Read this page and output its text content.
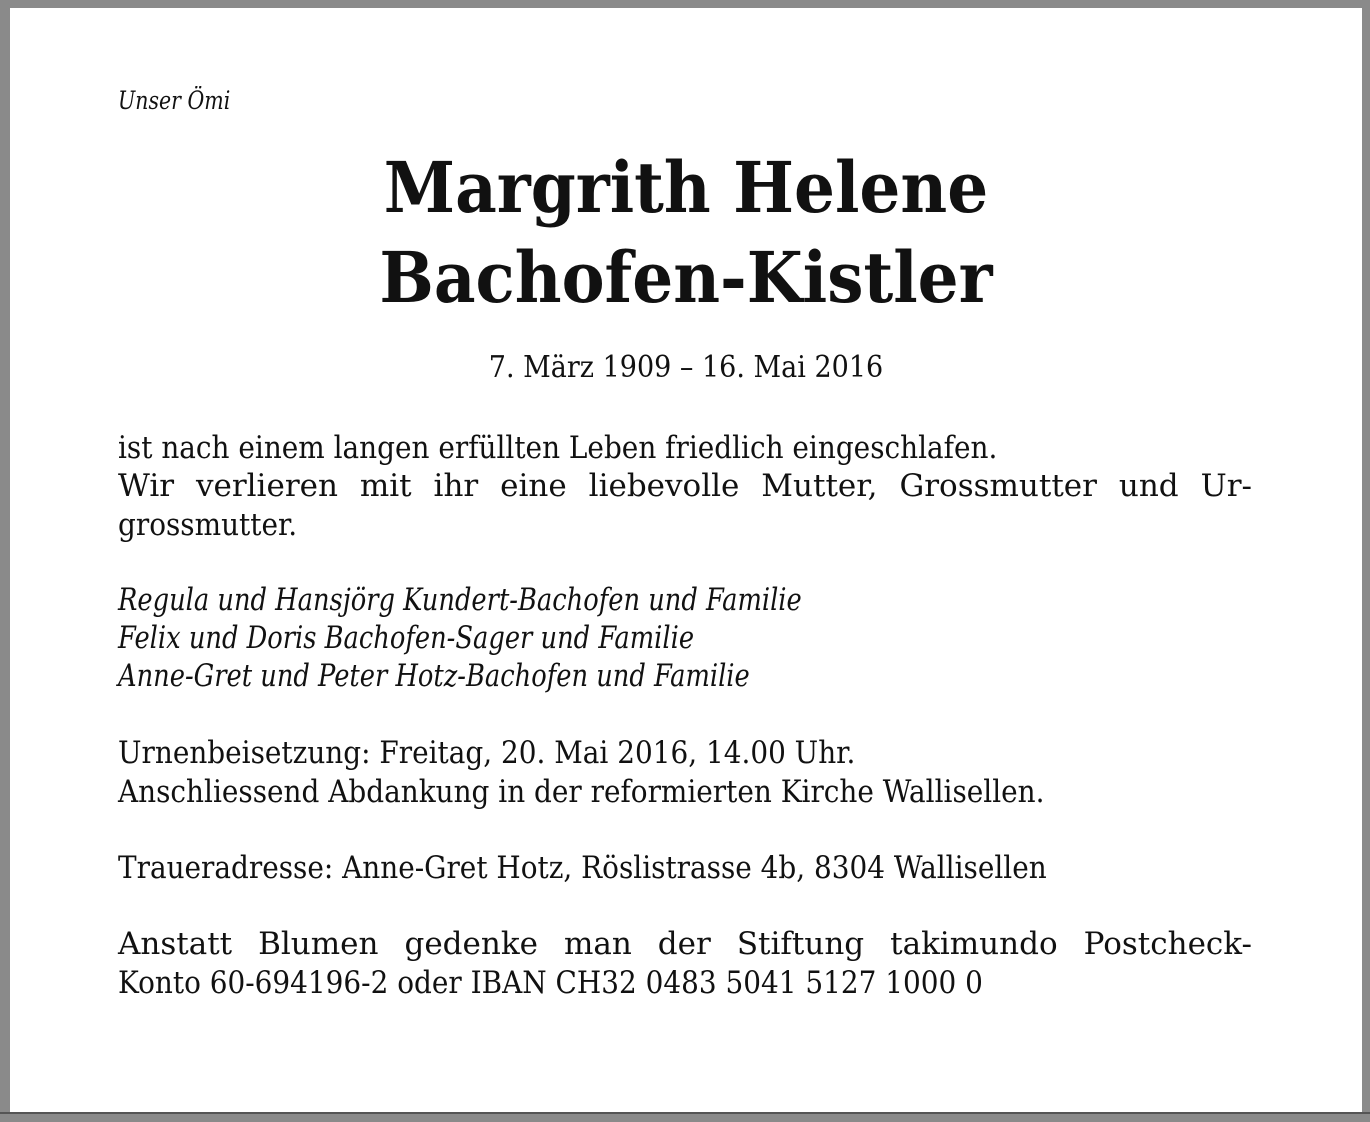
Unser Ömi

Margrith Helene
Bachofen-Kistler

7. März 1909 – 16. Mai 2016

ist nach einem langen erfüllten Leben friedlich eingeschlafen.

Wir verlieren mit ihr eine liebevolle Mutter, Grossmutter und Ur-

grossmutter.

Regula und Hansjörg Kundert-Bachofen und Familie

Felix und Doris Bachofen-Sager und Familie

Anne-Gret und Peter Hotz-Bachofen und Familie

Urnenbeisetzung: Freitag, 20. Mai 2016, 14.00 Uhr.

Anschliessend Abdankung in der reformierten Kirche Wallisellen.

Traueradresse: Anne-Gret Hotz, Röslistrasse 4b, 8304 Wallisellen

Anstatt Blumen gedenke man der Stiftung takimundo Postcheck-

Konto 60-694196-2 oder IBAN CH32 0483 5041 5127 1000 0
